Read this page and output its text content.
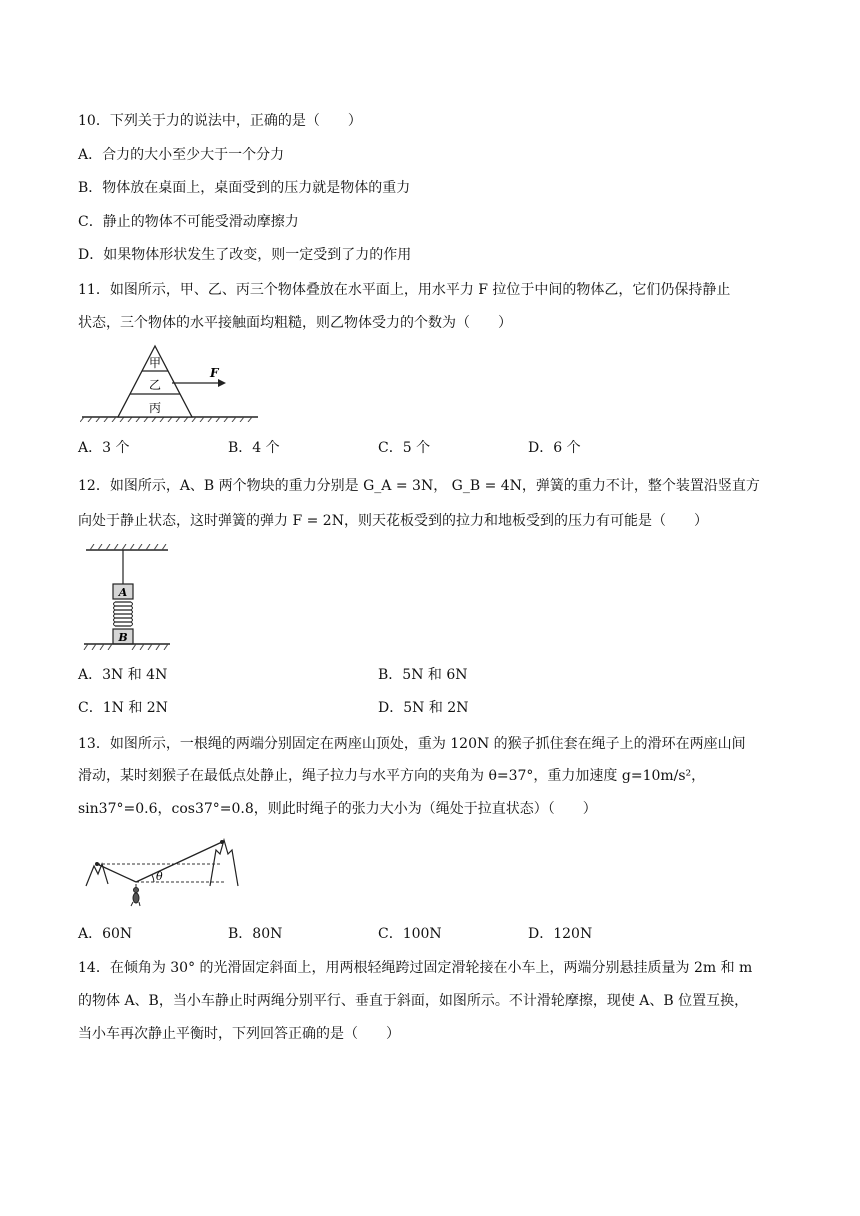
10．下列关于力的说法中，正确的是（　　）
A．合力的大小至少大于一个分力
B．物体放在桌面上，桌面受到的压力就是物体的重力
C．静止的物体不可能受滑动摩擦力
D．如果物体形状发生了改变，则一定受到了力的作用
11．如图所示，甲、乙、丙三个物体叠放在水平面上，用水平力 F 拉位于中间的物体乙，它们仍保持静止
状态，三个物体的水平接触面均粗糙，则乙物体受力的个数为（　　）
甲
乙
丙
F
A．3 个	B．4 个	C．5 个	D．6 个
12．如图所示，A、B 两个物块的重力分别是 G_A = 3N， G_B = 4N，弹簧的重力不计，整个装置沿竖直方
向处于静止状态，这时弹簧的弹力 F = 2N，则天花板受到的拉力和地板受到的压力有可能是（　　）
A
B
A．3N 和 4N	B．5N 和 6N
C．1N 和 2N	D．5N 和 2N
13．如图所示，一根绳的两端分别固定在两座山顶处，重为 120N 的猴子抓住套在绳子上的滑环在两座山间
滑动，某时刻猴子在最低点处静止，绳子拉力与水平方向的夹角为 θ=37°，重力加速度 g=10m/s²，
sin37°=0.6，cos37°=0.8，则此时绳子的张力大小为（绳处于拉直状态）（　　）
θ
A．60N	B．80N	C．100N	D．120N
14．在倾角为 30° 的光滑固定斜面上，用两根轻绳跨过固定滑轮接在小车上，两端分别悬挂质量为 2m 和 m
的物体 A、B，当小车静止时两绳分别平行、垂直于斜面，如图所示。不计滑轮摩擦，现使 A、B 位置互换，
当小车再次静止平衡时，下列回答正确的是（　　）
